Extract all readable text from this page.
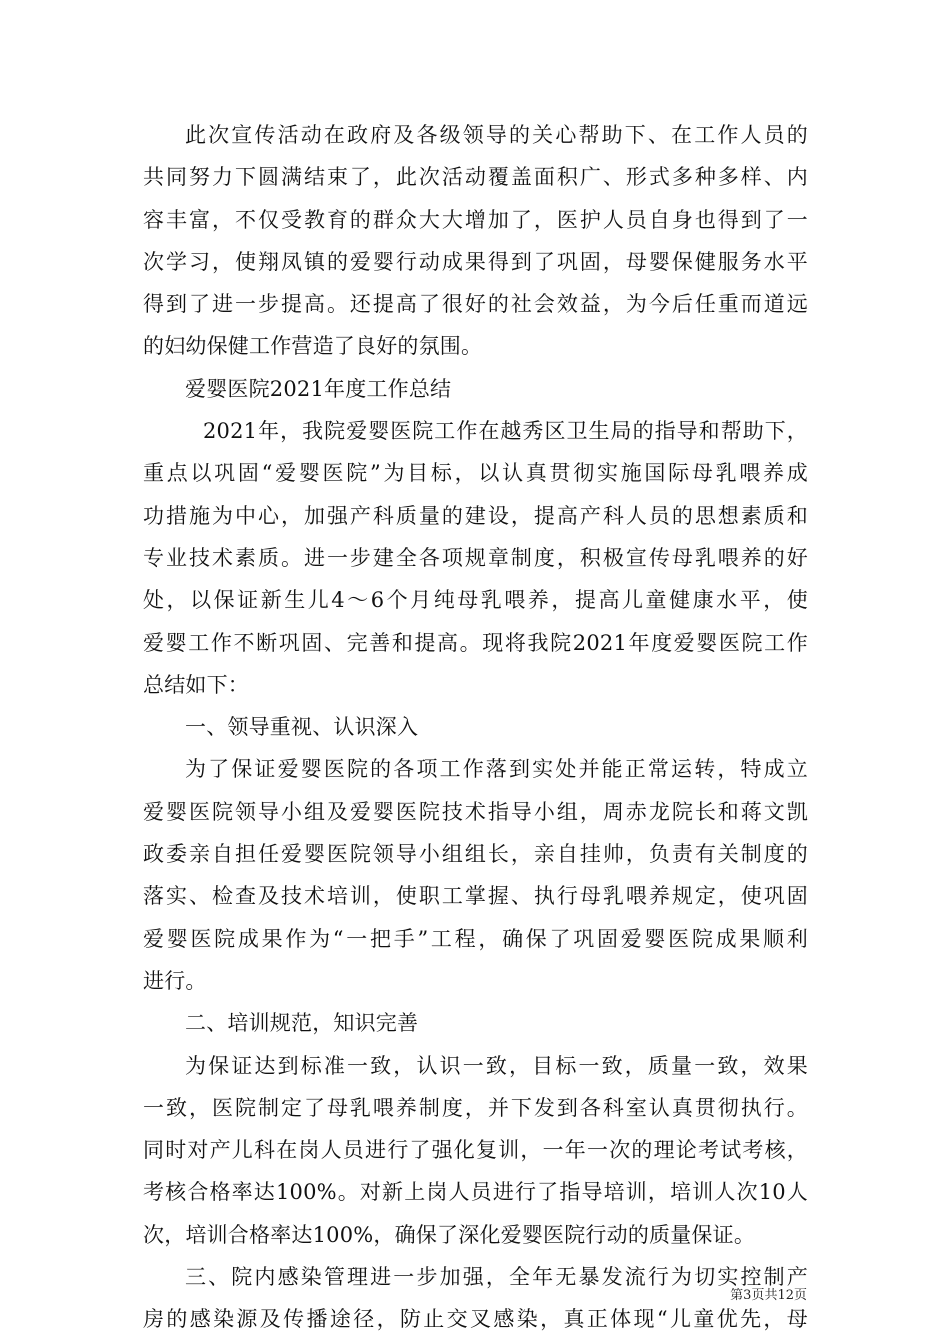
此次宣传活动在政府及各级领导的关心帮助下、在工作人员的
共同努力下圆满结束了，此次活动覆盖面积广、形式多种多样、内
容丰富，不仅受教育的群众大大增加了，医护人员自身也得到了一
次学习，使翔凤镇的爱婴行动成果得到了巩固，母婴保健服务水平
得到了进一步提高。还提高了很好的社会效益，为今后任重而道远
的妇幼保健工作营造了良好的氛围。
爱婴医院2021年度工作总结
2021年，我院爱婴医院工作在越秀区卫生局的指导和帮助下，
重点以巩固“爱婴医院”为目标，以认真贯彻实施国际母乳喂养成
功措施为中心，加强产科质量的建设，提高产科人员的思想素质和
专业技术素质。进一步建全各项规章制度，积极宣传母乳喂养的好
处，以保证新生儿4～6个月纯母乳喂养，提高儿童健康水平，使
爱婴工作不断巩固、完善和提高。现将我院2021年度爱婴医院工作
总结如下：
一、领导重视、认识深入
为了保证爱婴医院的各项工作落到实处并能正常运转，特成立
爱婴医院领导小组及爱婴医院技术指导小组，周赤龙院长和蒋文凯
政委亲自担任爱婴医院领导小组组长，亲自挂帅，负责有关制度的
落实、检查及技术培训，使职工掌握、执行母乳喂养规定，使巩固
爱婴医院成果作为“一把手”工程，确保了巩固爱婴医院成果顺利
进行。
二、培训规范，知识完善
为保证达到标准一致，认识一致，目标一致，质量一致，效果
一致，医院制定了母乳喂养制度，并下发到各科室认真贯彻执行。
同时对产儿科在岗人员进行了强化复训，一年一次的理论考试考核，
考核合格率达100%。对新上岗人员进行了指导培训，培训人次10人
次，培训合格率达100%，确保了深化爱婴医院行动的质量保证。
三、院内感染管理进一步加强，全年无暴发流行为切实控制产
房的感染源及传播途径，防止交叉感染，真正体现“儿童优先，母
第3页共12页
